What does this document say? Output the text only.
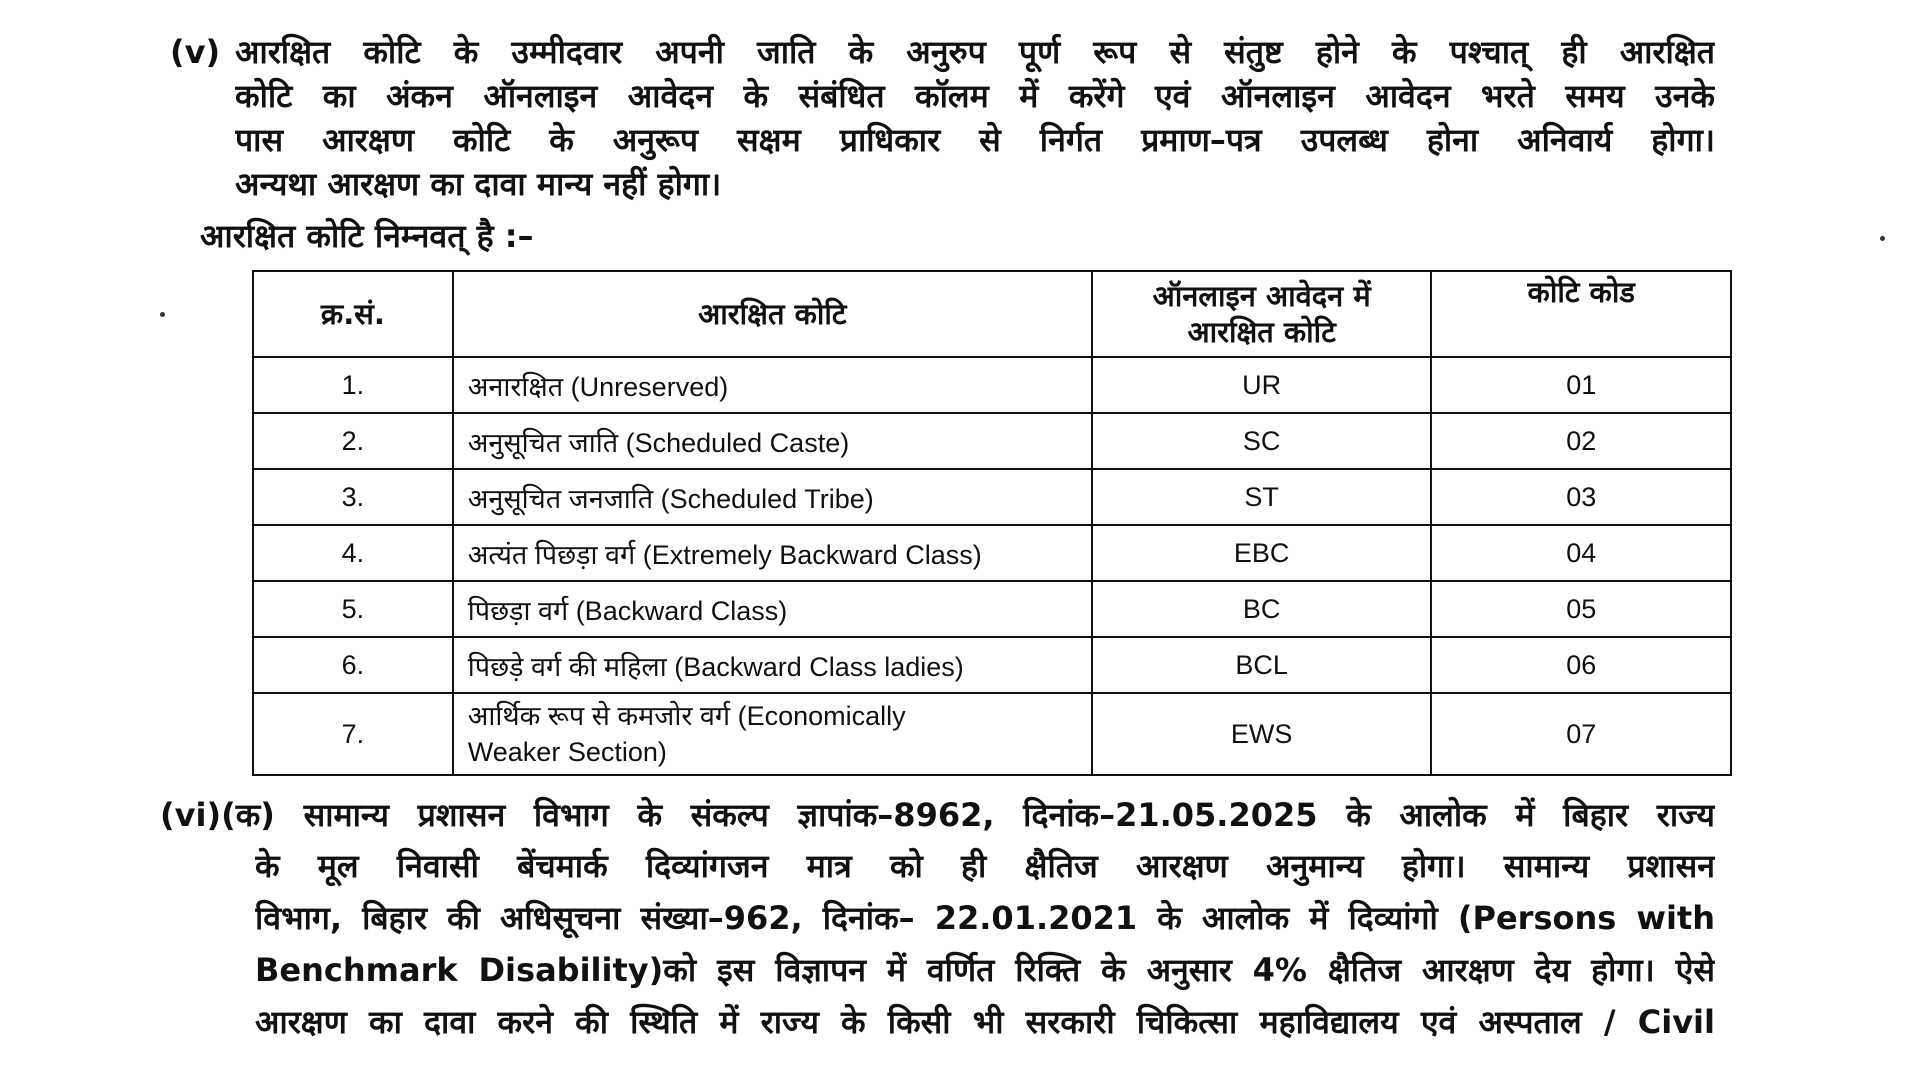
(v) आरक्षित कोटि के उम्मीदवार अपनी जाति के अनुरुप पूर्ण रूप से संतुष्ट होने के पश्चात् ही आरक्षित
कोटि का अंकन ऑनलाइन आवेदन के संबंधित कॉलम में करेंगे एवं ऑनलाइन आवेदन भरते समय उनके
पास आरक्षण कोटि के अनुरूप सक्षम प्राधिकार से निर्गत प्रमाण–पत्र उपलब्ध होना अनिवार्य होगा।
अन्यथा आरक्षण का दावा मान्य नहीं होगा।
आरक्षित कोटि निम्नवत् है :–
क्र.सं.	आरक्षित कोटि	ऑनलाइन आवेदन में
आरक्षित कोटि	कोटि कोड
1.	अनारक्षित (Unreserved)	UR	01
2.	अनुसूचित जाति (Scheduled Caste)	SC	02
3.	अनुसूचित जनजाति (Scheduled Tribe)	ST	03
4.	अत्यंत पिछड़ा वर्ग (Extremely Backward Class)	EBC	04
5.	पिछड़ा वर्ग (Backward Class)	BC	05
6.	पिछड़े वर्ग की महिला (Backward Class ladies)	BCL	06
7.	आर्थिक रूप से कमजोर वर्ग (Economically
Weaker Section)	EWS	07
(vi)(क) सामान्य प्रशासन विभाग के संकल्प ज्ञापांक–8962, दिनांक–21.05.2025 के आलोक में बिहार राज्य
के मूल निवासी बेंचमार्क दिव्यांगजन मात्र को ही क्षैतिज आरक्षण अनुमान्य होगा। सामान्य प्रशासन
विभाग, बिहार की अधिसूचना संख्या–962, दिनांक– 22.01.2021 के आलोक में दिव्यांगो (Persons with
Benchmark Disability)को इस विज्ञापन में वर्णित रिक्ति के अनुसार 4% क्षैतिज आरक्षण देय होगा। ऐसे
आरक्षण का दावा करने की स्थिति में राज्य के किसी भी सरकारी चिकित्सा महाविद्यालय एवं अस्पताल / Civil
